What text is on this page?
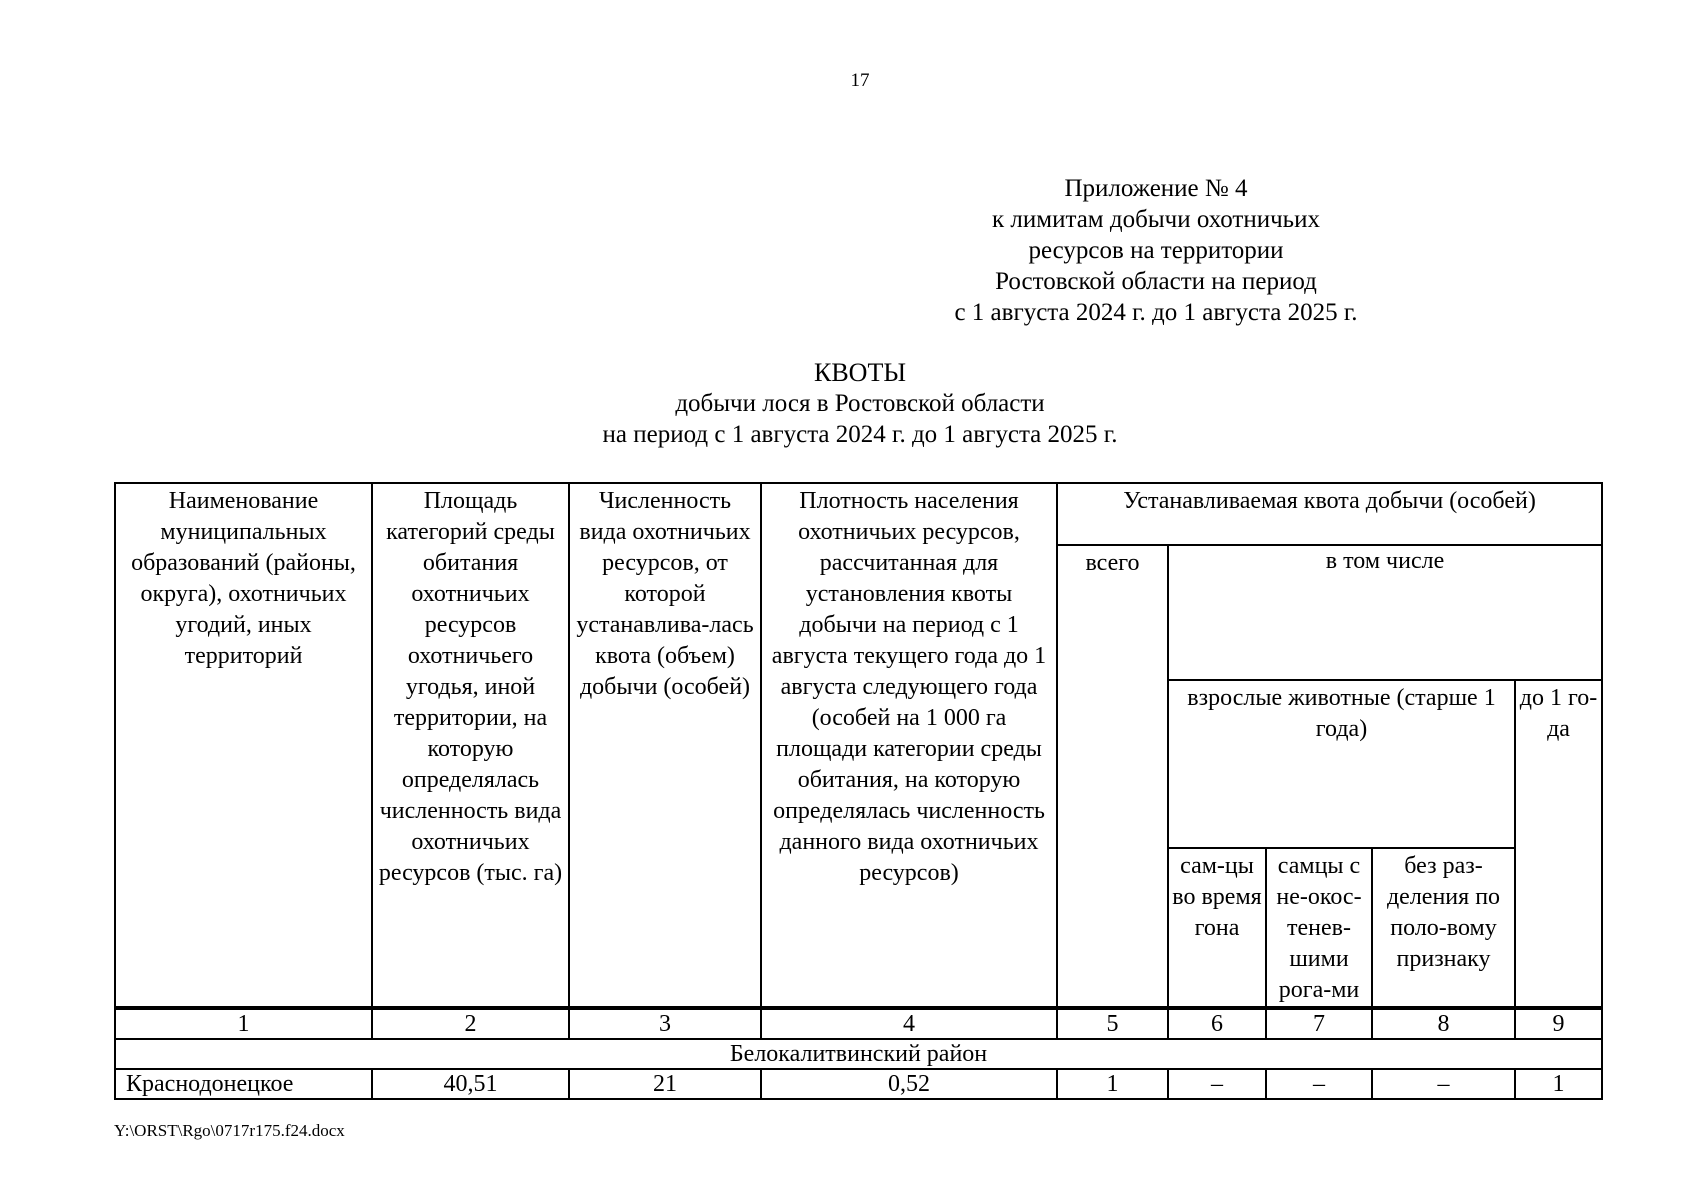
17
Приложение № 4
к лимитам добычи охотничьих
ресурсов на территории
Ростовской области на период
с 1 августа 2024 г. до 1 августа 2025 г.
КВОТЫ
добычи лося в Ростовской области
на период с 1 августа 2024 г. до 1 августа 2025 г.
Наименование муниципальных образований (районы, округа), охотничьих угодий, иных территорий	Площадь категорий среды обитания охотничьих ресурсов охотничьего угодья, иной территории, на которую определялась численность вида охотничьих ресурсов (тыс. га)	Численность вида охотничьих ресурсов, от которой устанавлива-лась квота (объем) добычи (особей)	Плотность населения охотничьих ресурсов, рассчитанная для установления квоты добычи на период с 1 августа текущего года до 1 августа следующего года (особей на 1 000 га площади категории среды обитания, на которую определялась численность данного вида охотничьих ресурсов)	Устанавливаемая квота добычи (особей)				
				всего	в том числе			
					взрослые животные (старше 1 года)			до 1 го-да
					сам-цы во время гона	самцы с не-окос-тенев-шими рога-ми	без раз-деления по поло-вому признаку	
1	2	3	4	5	6	7	8	9
Белокалитвинский район								
Краснодонецкое	40,51	21	0,52	1	–	–	–	1
Y:\ORST\Rgo\0717r175.f24.docx
